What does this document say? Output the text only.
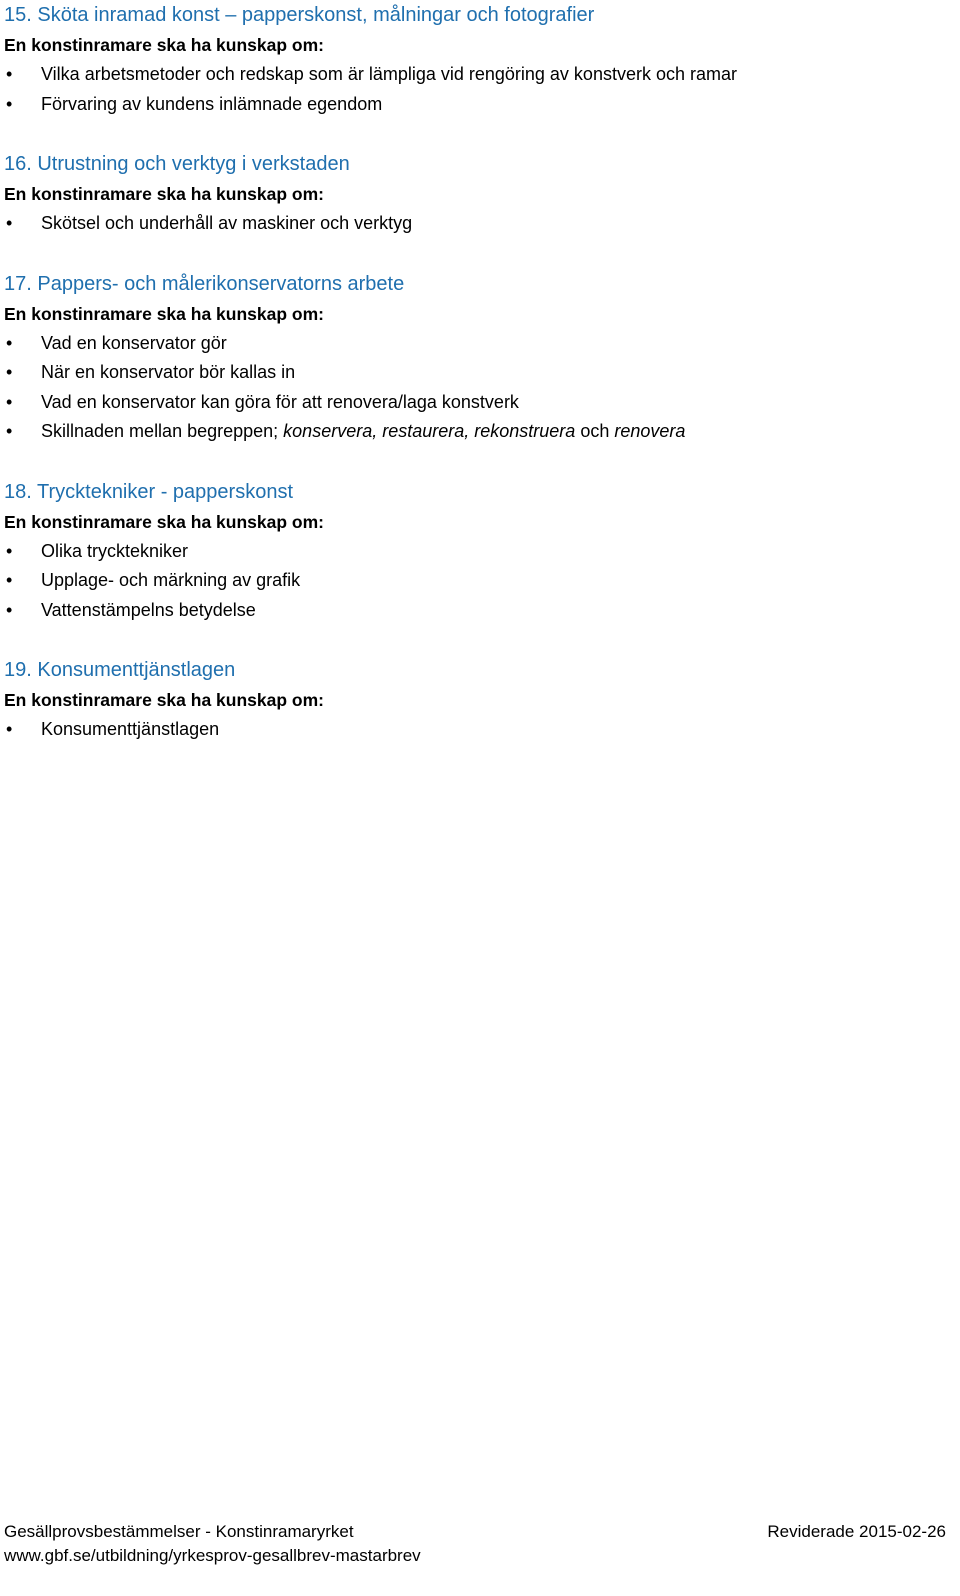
15. Sköta inramad konst – papperskonst, målningar och fotografier
En konstinramare ska ha kunskap om:
• Vilka arbetsmetoder och redskap som är lämpliga vid rengöring av konstverk och ramar
• Förvaring av kundens inlämnade egendom
16. Utrustning och verktyg i verkstaden
En konstinramare ska ha kunskap om:
• Skötsel och underhåll av maskiner och verktyg
17. Pappers- och målerikonservatorns arbete
En konstinramare ska ha kunskap om:
• Vad en konservator gör
• När en konservator bör kallas in
• Vad en konservator kan göra för att renovera/laga konstverk
• Skillnaden mellan begreppen; konservera, restaurera, rekonstruera och renovera
18. Trycktekniker - papperskonst
En konstinramare ska ha kunskap om:
• Olika trycktekniker
• Upplage- och märkning av grafik
• Vattenstämpelns betydelse
19. Konsumenttjänstlagen
En konstinramare ska ha kunskap om:
• Konsumenttjänstlagen
Gesällprovsbestämmelser - Konstinramaryrket	Reviderade 2015-02-26
www.gbf.se/utbildning/yrkesprov-gesallbrev-mastarbrev
